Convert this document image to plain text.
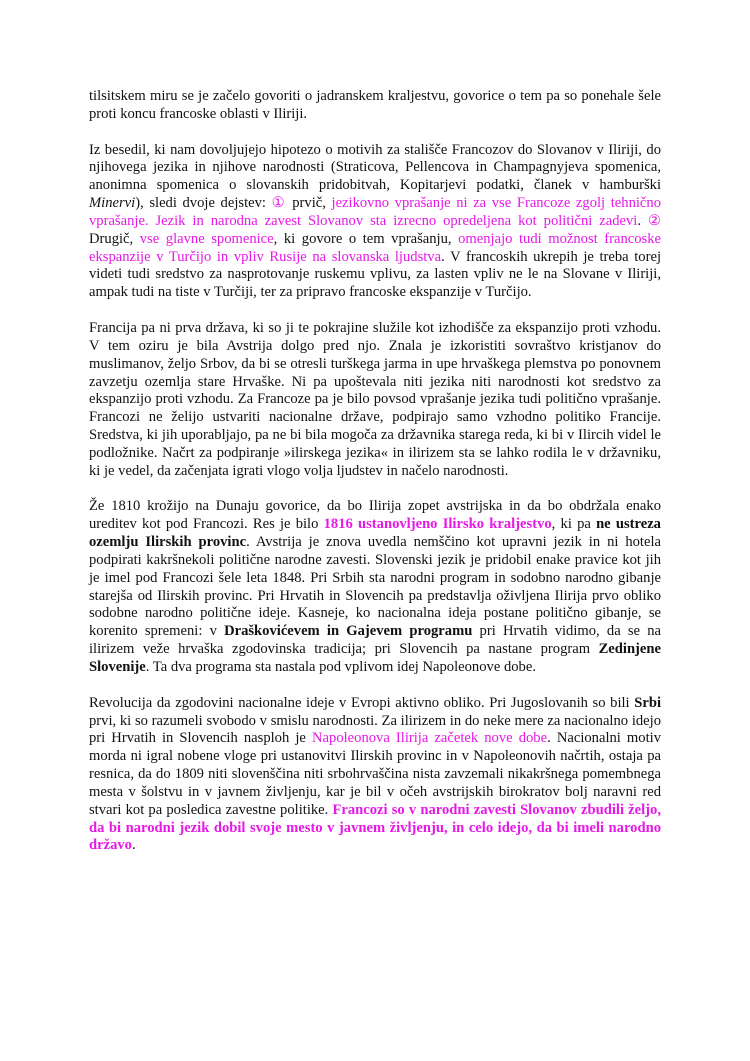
tilsitskem miru se je začelo govoriti o jadranskem kraljestvu, govorice o tem pa so ponehale šele proti koncu francoske oblasti v Iliriji.

Iz besedil, ki nam dovoljujejo hipotezo o motivih za stališče Francozov do Slovanov v Iliriji, do njihovega jezika in njihove narodnosti (Straticova, Pellencova in Champagnyjeva spomenica, anonimna spomenica o slovanskih pridobitvah, Kopitarjevi podatki, članek v hamburški Minervi), sledi dvoje dejstev: ① prvič, jezikovno vprašanje ni za vse Francoze zgolj tehnično vprašanje. Jezik in narodna zavest Slovanov sta izrecno opredeljena kot politični zadevi. ② Drugič, vse glavne spomenice, ki govore o tem vprašanju, omenjajo tudi možnost francoske ekspanzije v Turčijo in vpliv Rusije na slovanska ljudstva. V francoskih ukrepih je treba torej videti tudi sredstvo za nasprotovanje ruskemu vplivu, za lasten vpliv ne le na Slovane v Iliriji, ampak tudi na tiste v Turčiji, ter za pripravo francoske ekspanzije v Turčijo.

Francija pa ni prva država, ki so ji te pokrajine služile kot izhodišče za ekspanzijo proti vzhodu. V tem oziru je bila Avstrija dolgo pred njo. Znala je izkoristiti sovraštvo kristjanov do muslimanov, željo Srbov, da bi se otresli turškega jarma in upe hrvaškega plemstva po ponovnem zavzetju ozemlja stare Hrvaške. Ni pa upoštevala niti jezika niti narodnosti kot sredstvo za ekspanzijo proti vzhodu. Za Francoze pa je bilo povsod vprašanje jezika tudi politično vprašanje. Francozi ne želijo ustvariti nacionalne države, podpirajo samo vzhodno politiko Francije. Sredstva, ki jih uporabljajo, pa ne bi bila mogoča za državnika starega reda, ki bi v Ilircih videl le podložnike. Načrt za podpiranje »ilirskega jezika« in ilirizem sta se lahko rodila le v državniku, ki je vedel, da začenjata igrati vlogo volja ljudstev in načelo narodnosti.

Že 1810 krožijo na Dunaju govorice, da bo Ilirija zopet avstrijska in da bo obdržala enako ureditev kot pod Francozi. Res je bilo 1816 ustanovljeno Ilirsko kraljestvo, ki pa ne ustreza ozemlju Ilirskih provinc. Avstrija je znova uvedla nemščino kot upravni jezik in ni hotela podpirati kakršnekoli politične narodne zavesti. Slovenski jezik je pridobil enake pravice kot jih je imel pod Francozi šele leta 1848. Pri Srbih sta narodni program in sodobno narodno gibanje starejša od Ilirskih provinc. Pri Hrvatih in Slovencih pa predstavlja oživljena Ilirija prvo obliko sodobne narodno politične ideje. Kasneje, ko nacionalna ideja postane politično gibanje, se korenito spremeni: v Draškovićevem in Gajevem programu pri Hrvatih vidimo, da se na ilirizem veže hrvaška zgodovinska tradicija; pri Slovencih pa nastane program Zedinjene Slovenije. Ta dva programa sta nastala pod vplivom idej Napoleonove dobe.

Revolucija da zgodovini nacionalne ideje v Evropi aktivno obliko. Pri Jugoslovanih so bili Srbi prvi, ki so razumeli svobodo v smislu narodnosti. Za ilirizem in do neke mere za nacionalno idejo pri Hrvatih in Slovencih nasploh je Napoleonova Ilirija začetek nove dobe. Nacionalni motiv morda ni igral nobene vloge pri ustanovitvi Ilirskih provinc in v Napoleonovih načrtih, ostaja pa resnica, da do 1809 niti slovenščina niti srbohrvaščina nista zavzemali nikakršnega pomembnega mesta v šolstvu in v javnem življenju, kar je bil v očeh avstrijskih birokratov bolj naravni red stvari kot pa posledica zavestne politike. Francozi so v narodni zavesti Slovanov zbudili željo, da bi narodni jezik dobil svoje mesto v javnem življenju, in celo idejo, da bi imeli narodno državo.
